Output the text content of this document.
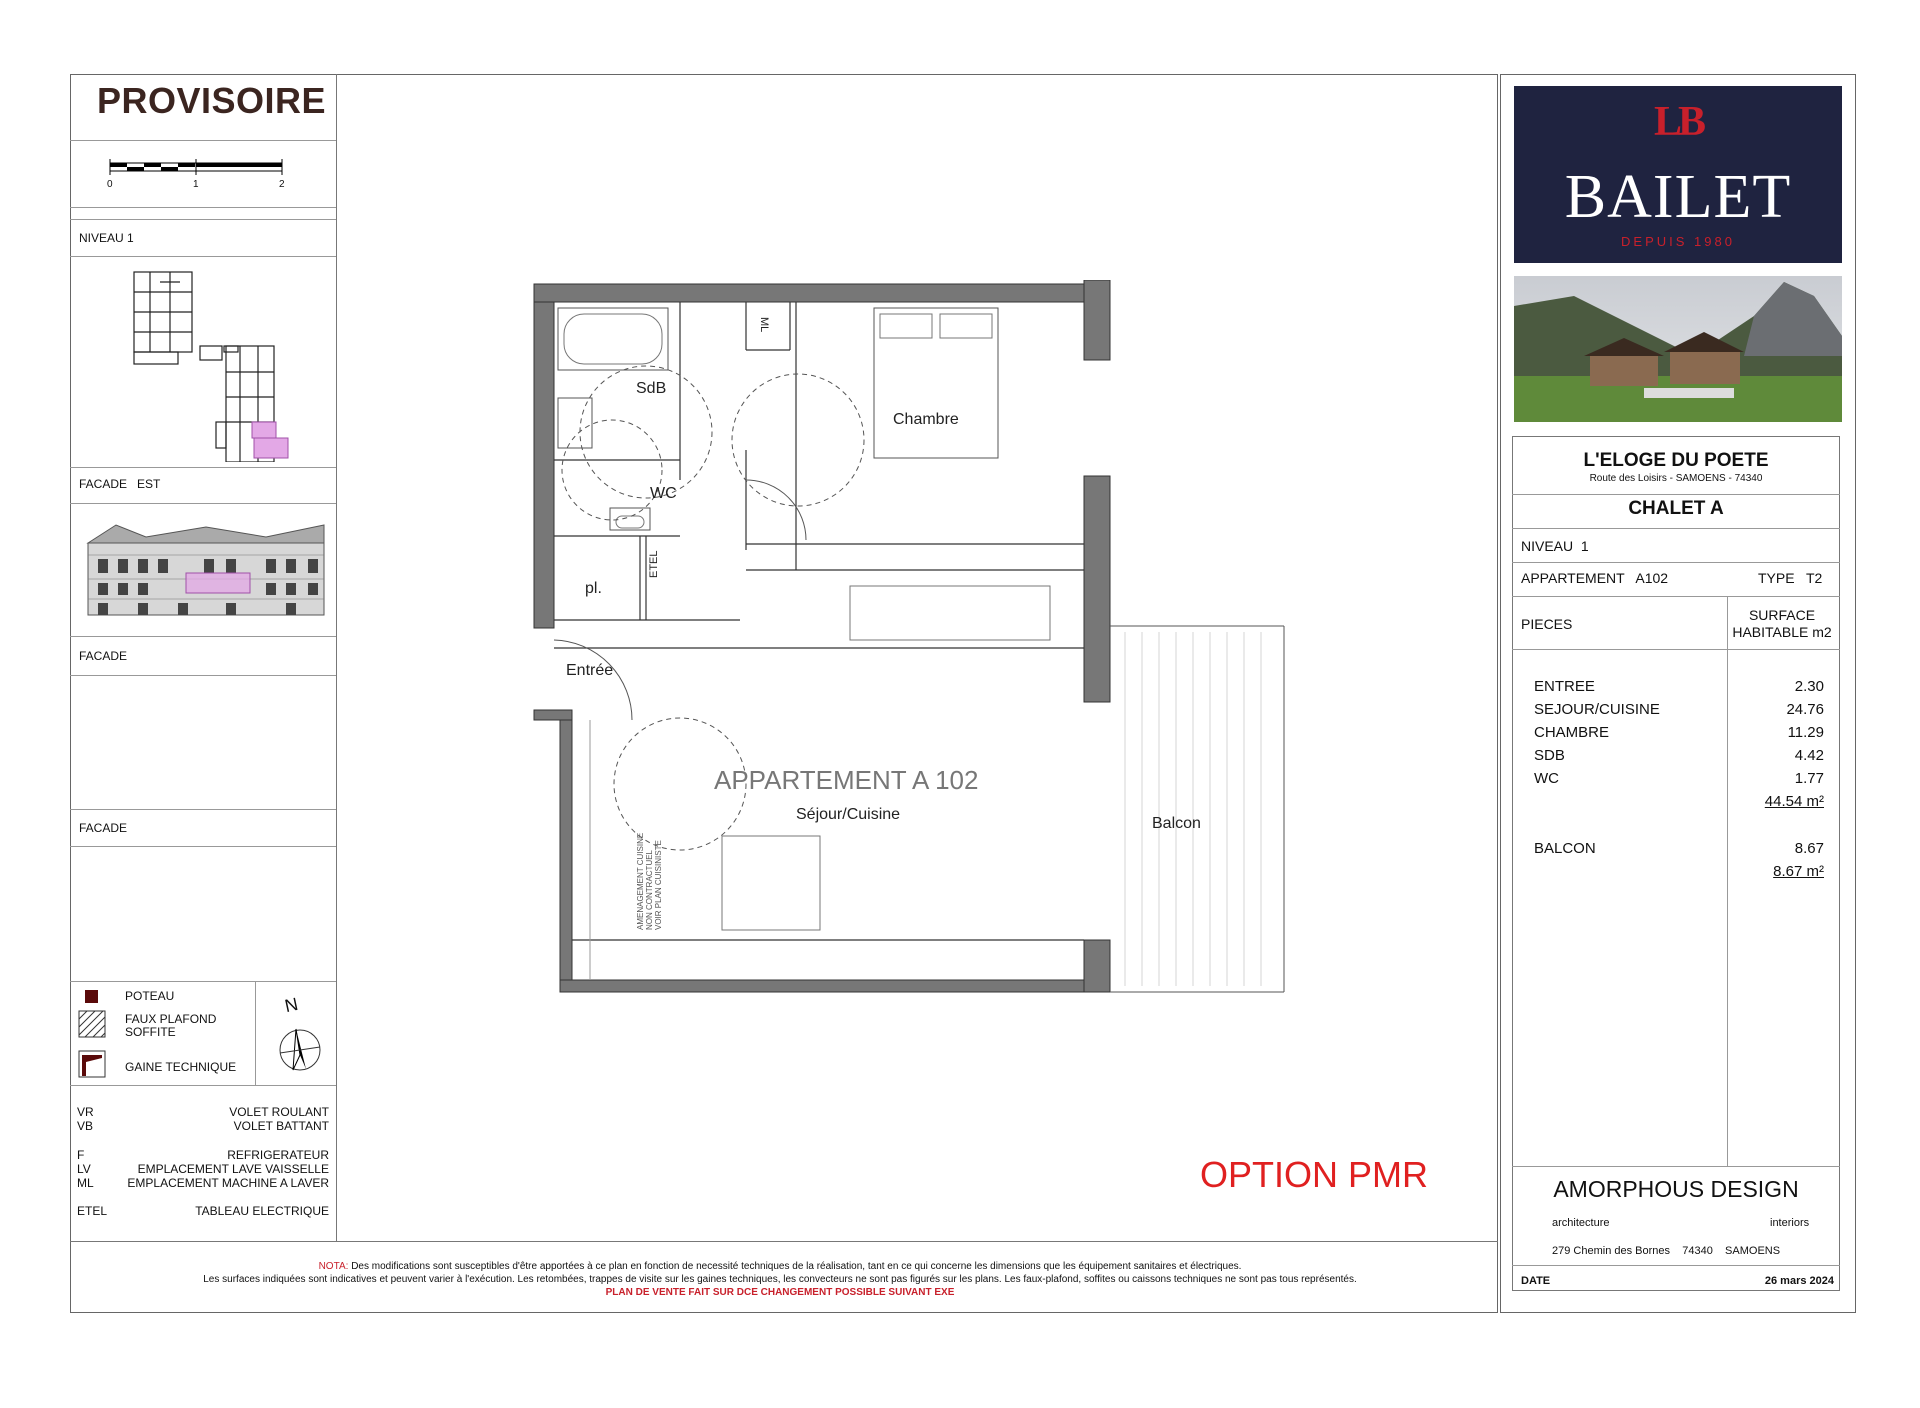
PROVISOIRE
0	1	2
NIVEAU 1
FACADE   EST
FACADE
FACADE
POTEAU
FAUX PLAFOND
SOFFITE
GAINE TECHNIQUE
N
VR	VOLET ROULANT
VB	VOLET BATTANT
F	REFRIGERATEUR
LV	EMPLACEMENT LAVE VAISSELLE
ML	EMPLACEMENT MACHINE A LAVER
ETEL	TABLEAU ELECTRIQUE
SdB
WC
Chambre
pl.
ETEL
ML
Entrée
APPARTEMENT A 102
Séjour/Cuisine
Balcon
AMENAGEMENT CUISINE NON CONTRACTUEL VOIR PLAN CUISINISTE
OPTION PMR
NOTA: Des modifications sont susceptibles d'être apportées à ce plan en fonction de necessité techniques de la réalisation, tant en ce qui concerne les dimensions que les équipement sanitaires et électriques.
Les surfaces indiquées sont indicatives et peuvent varier à l'exécution. Les retombées, trappes de visite sur les gaines techniques, les convecteurs ne sont pas figurés sur les plans. Les faux-plafond, soffites ou caissons techniques ne sont pas tous représentés.
PLAN DE VENTE FAIT SUR DCE CHANGEMENT POSSIBLE SUIVANT EXE
LB
BAILET
DEPUIS 1980
L'ELOGE DU POETE
Route des Loisirs - SAMOENS - 74340
CHALET A
NIVEAU  1
APPARTEMENT   A102	TYPE   T2
PIECES
SURFACE
HABITABLE m2
ENTREE	2.30
SEJOUR/CUISINE	24.76
CHAMBRE	11.29
SDB	4.42
WC	1.77
44.54 m²
BALCON	8.67
8.67 m²
AMORPHOUS DESIGN
architecture	interiors
279 Chemin des Bornes    74340    SAMOENS
DATE	26 mars 2024
